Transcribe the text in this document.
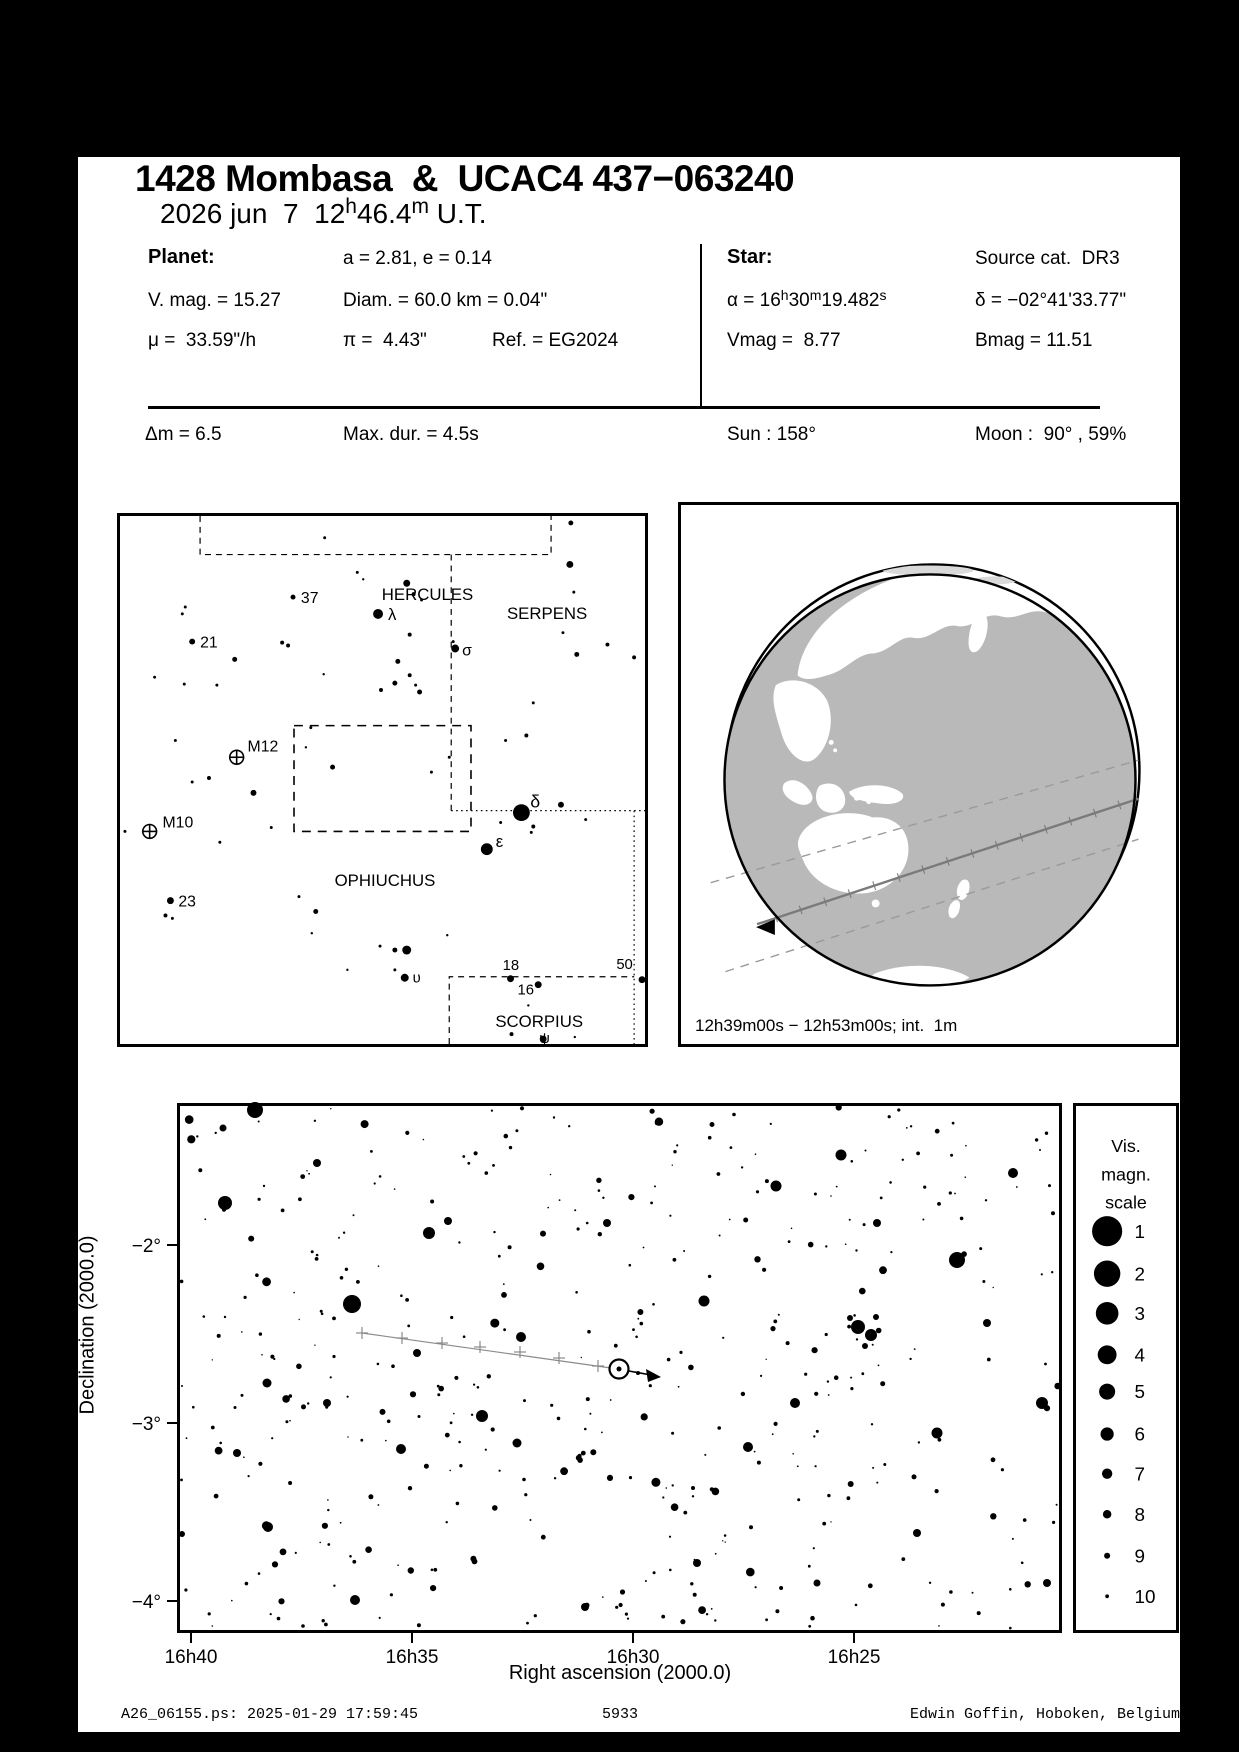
1428 Mombasa  &  UCAC4 437−063240
2026 jun  7  12$^h$46.4$^m$ U.T.
Planet:	a = 2.81, e = 0.14	Star:	Source cat.  DR3
V. mag. = 15.27	Diam. = 60.0 km = 0.04"	$\alpha = 16^h30^m19.482^s$	δ = −02°41'33.77"
μ =  33.59"/h	π =  4.43"	Ref. = EG2024	Vmag =  8.77	Bmag = 11.51
Δm = 6.5	Max. dur. = 4.5s	Sun : 158°	Moon :  90° , 59%
HERCULES
SERPENS
OPHIUCHUS
SCORPIUS
37
21
M12
M10
23
λ
σ
δ
ε
υ
18
16
50
ψ
12h39m00s − 12h53m00s; int.  1m
16h40	16h35	16h30	16h25
−2°
−3°
−4°
Right ascension (2000.0)
Declination (2000.0)
Vis.
magn.
scale
1
2
3
4
5
6
7
8
9
10
A26_06155.ps: 2025-01-29 17:59:45	5933	Edwin Goffin, Hoboken, Belgium
